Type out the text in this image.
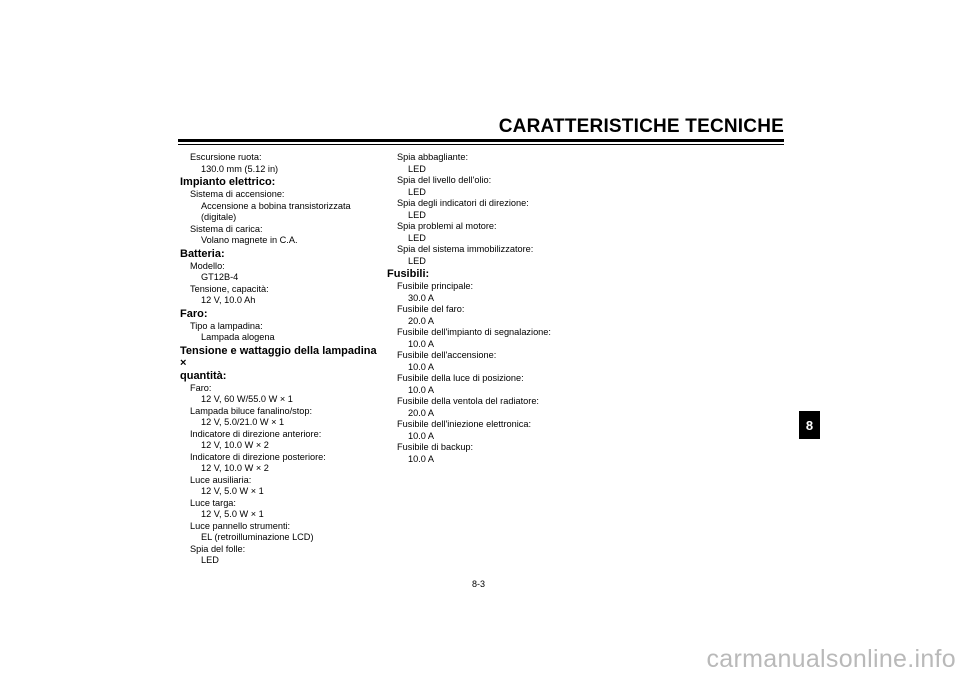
CARATTERISTICHE TECNICHE
Escursione ruota:
130.0 mm (5.12 in)
Impianto elettrico:
Sistema di accensione:
Accensione a bobina transistorizzata
(digitale)
Sistema di carica:
Volano magnete in C.A.
Batteria:
Modello:
GT12B-4
Tensione, capacità:
12 V, 10.0 Ah
Faro:
Tipo a lampadina:
Lampada alogena
Tensione e wattaggio della lampadina ×
quantità:
Faro:
12 V, 60 W/55.0 W × 1
Lampada biluce fanalino/stop:
12 V, 5.0/21.0 W × 1
Indicatore di direzione anteriore:
12 V, 10.0 W × 2
Indicatore di direzione posteriore:
12 V, 10.0 W × 2
Luce ausiliaria:
12 V, 5.0 W × 1
Luce targa:
12 V, 5.0 W × 1
Luce pannello strumenti:
EL (retroilluminazione LCD)
Spia del folle:
LED
Spia abbagliante:
LED
Spia del livello dell'olio:
LED
Spia degli indicatori di direzione:
LED
Spia problemi al motore:
LED
Spia del sistema immobilizzatore:
LED
Fusibili:
Fusibile principale:
30.0 A
Fusibile del faro:
20.0 A
Fusibile dell'impianto di segnalazione:
10.0 A
Fusibile dell'accensione:
10.0 A
Fusibile della luce di posizione:
10.0 A
Fusibile della ventola del radiatore:
20.0 A
Fusibile dell'iniezione elettronica:
10.0 A
Fusibile di backup:
10.0 A
8
8-3
carmanualsonline.info
